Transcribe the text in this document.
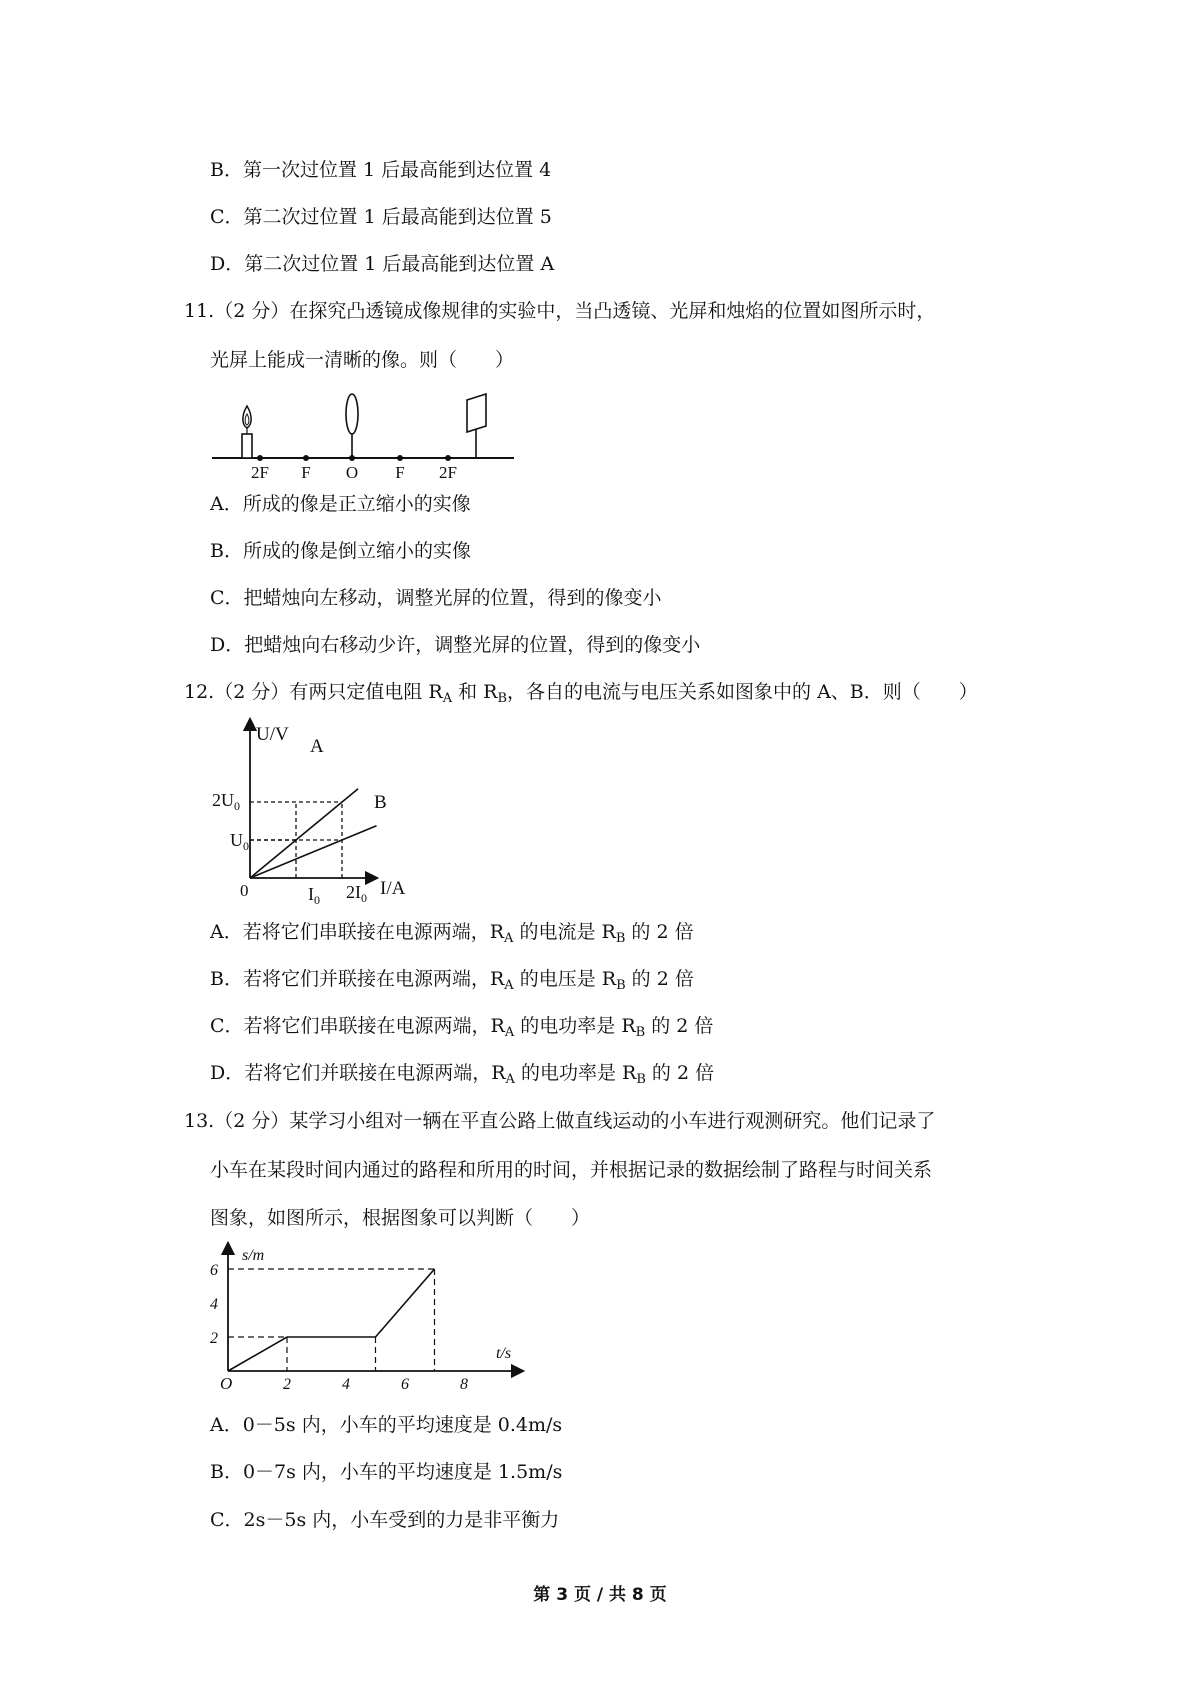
B．第一次过位置 1 后最高能到达位置 4
C．第二次过位置 1 后最高能到达位置 5
D．第二次过位置 1 后最高能到达位置 A
11.（2 分）在探究凸透镜成像规律的实验中，当凸透镜、光屏和烛焰的位置如图所示时，
光屏上能成一清晰的像。则（　　）
2F F O F 2F
A．所成的像是正立缩小的实像
B．所成的像是倒立缩小的实像
C．把蜡烛向左移动，调整光屏的位置，得到的像变小
D．把蜡烛向右移动少许，调整光屏的位置，得到的像变小
12.（2 分）有两只定值电阻 $R_A$ 和 $R_B$，各自的电流与电压关系如图象中的 A、B．则（　　）
U/V
I/A
0
$U_0$
$2U_0$
$I_0$ $2I_0$
A
B
A．若将它们串联接在电源两端，$R_A$ 的电流是 $R_B$ 的 2 倍
B．若将它们并联接在电源两端，$R_A$ 的电压是 $R_B$ 的 2 倍
C．若将它们串联接在电源两端，$R_A$ 的电功率是 $R_B$ 的 2 倍
D．若将它们并联接在电源两端，$R_A$ 的电功率是 $R_B$ 的 2 倍
13.（2 分）某学习小组对一辆在平直公路上做直线运动的小车进行观测研究。他们记录了
小车在某段时间内通过的路程和所用的时间，并根据记录的数据绘制了路程与时间关系
图象，如图所示，根据图象可以判断（　　）
2	4	6	8
2
4
6
s/m
t/s
O
A．0－5s 内，小车的平均速度是 0.4m/s
B．0－7s 内，小车的平均速度是 1.5m/s
C．2s－5s 内，小车受到的力是非平衡力
第 3 页 / 共 8 页
